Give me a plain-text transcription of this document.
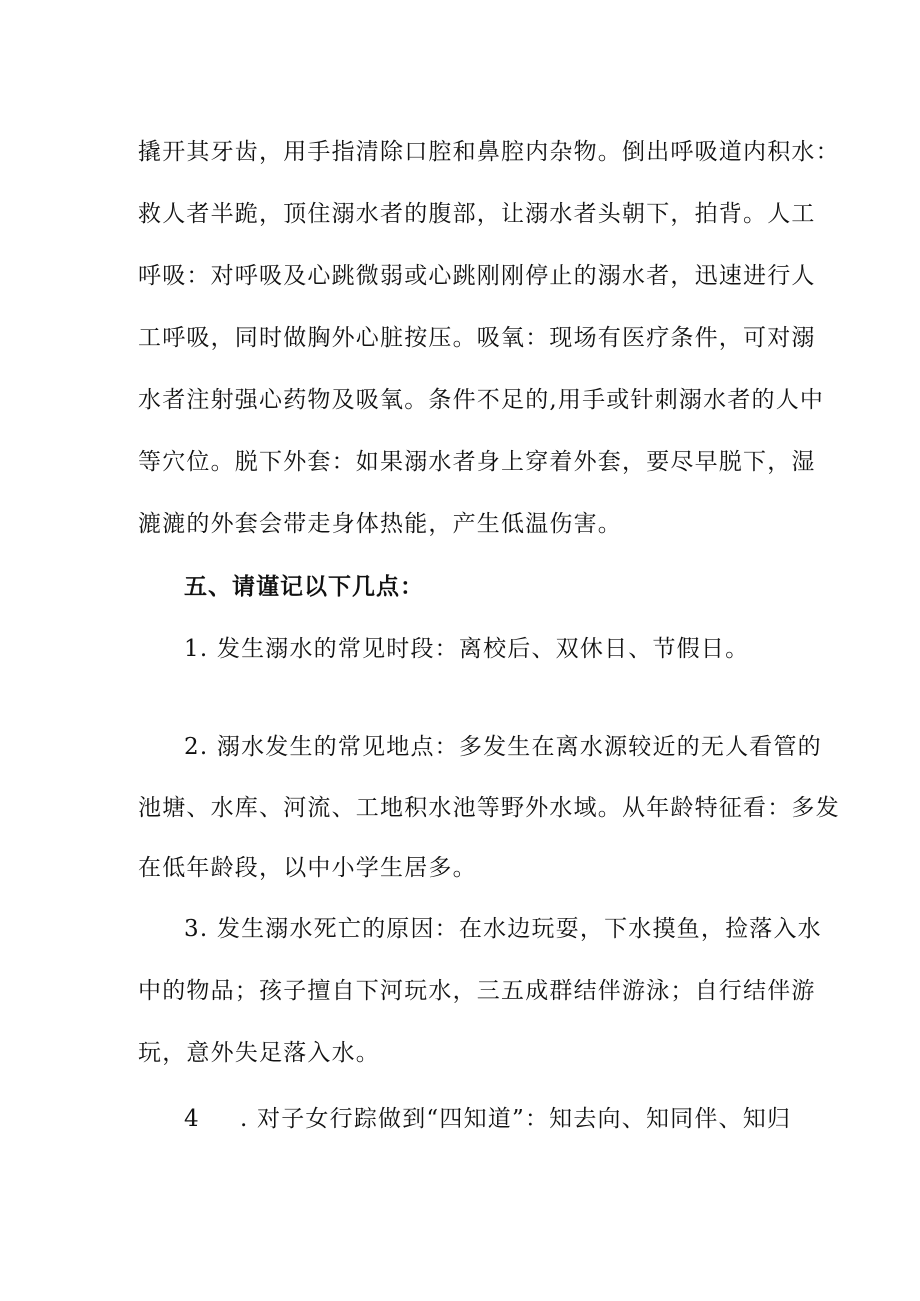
撬开其牙齿，用手指清除口腔和鼻腔内杂物。倒出呼吸道内积水：
救人者半跪，顶住溺水者的腹部，让溺水者头朝下，拍背。人工
呼吸：对呼吸及心跳微弱或心跳刚刚停止的溺水者，迅速进行人
工呼吸，同时做胸外心脏按压。吸氧：现场有医疗条件，可对溺
水者注射强心药物及吸氧。条件不足的,用手或针刺溺水者的人中
等穴位。脱下外套：如果溺水者身上穿着外套，要尽早脱下，湿
漉漉的外套会带走身体热能，产生低温伤害。
五、请谨记以下几点：
1. 发生溺水的常见时段：离校后、双休日、节假日。
2. 溺水发生的常见地点：多发生在离水源较近的无人看管的
池塘、水库、河流、工地积水池等野外水域。从年龄特征看：多发
在低年龄段，以中小学生居多。
3. 发生溺水死亡的原因：在水边玩耍，下水摸鱼，捡落入水
中的物品；孩子擅自下河玩水，三五成群结伴游泳；自行结伴游
玩，意外失足落入水。
4 . 对子女行踪做到“四知道”：知去向、知同伴、知归
